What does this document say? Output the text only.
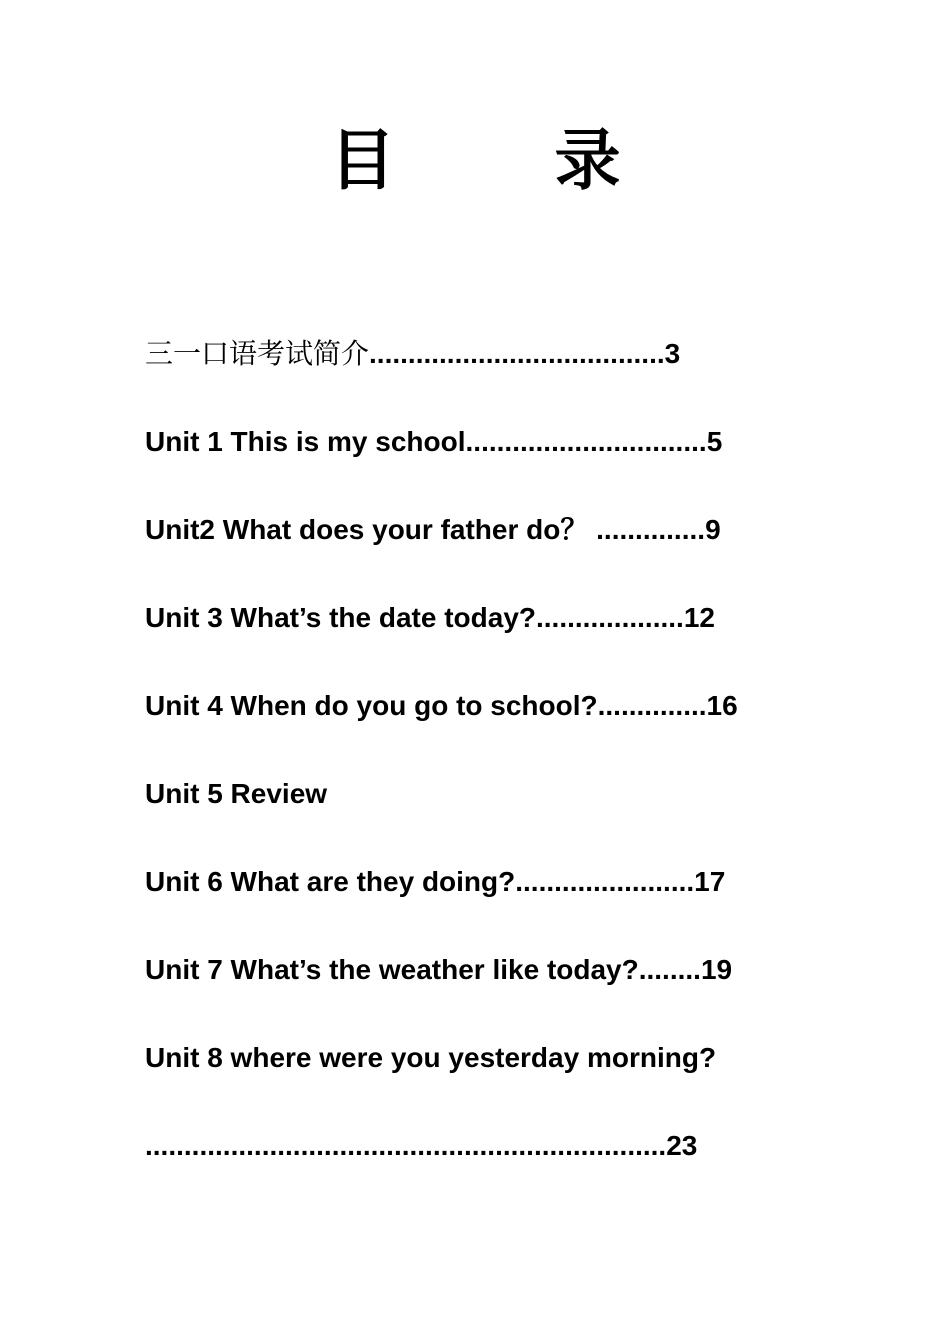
目 录
三一口语考试简介......................................3
Unit 1 This is my school...............................5
Unit2 What does your father do？ ..............9
Unit 3 What’s the date today?...................12
Unit 4 When do you go to school?..............16
Unit 5 Review
Unit 6 What are they doing?.......................17
Unit 7 What’s the weather like today?........19
Unit 8 where were you yesterday morning?
...................................................................23
